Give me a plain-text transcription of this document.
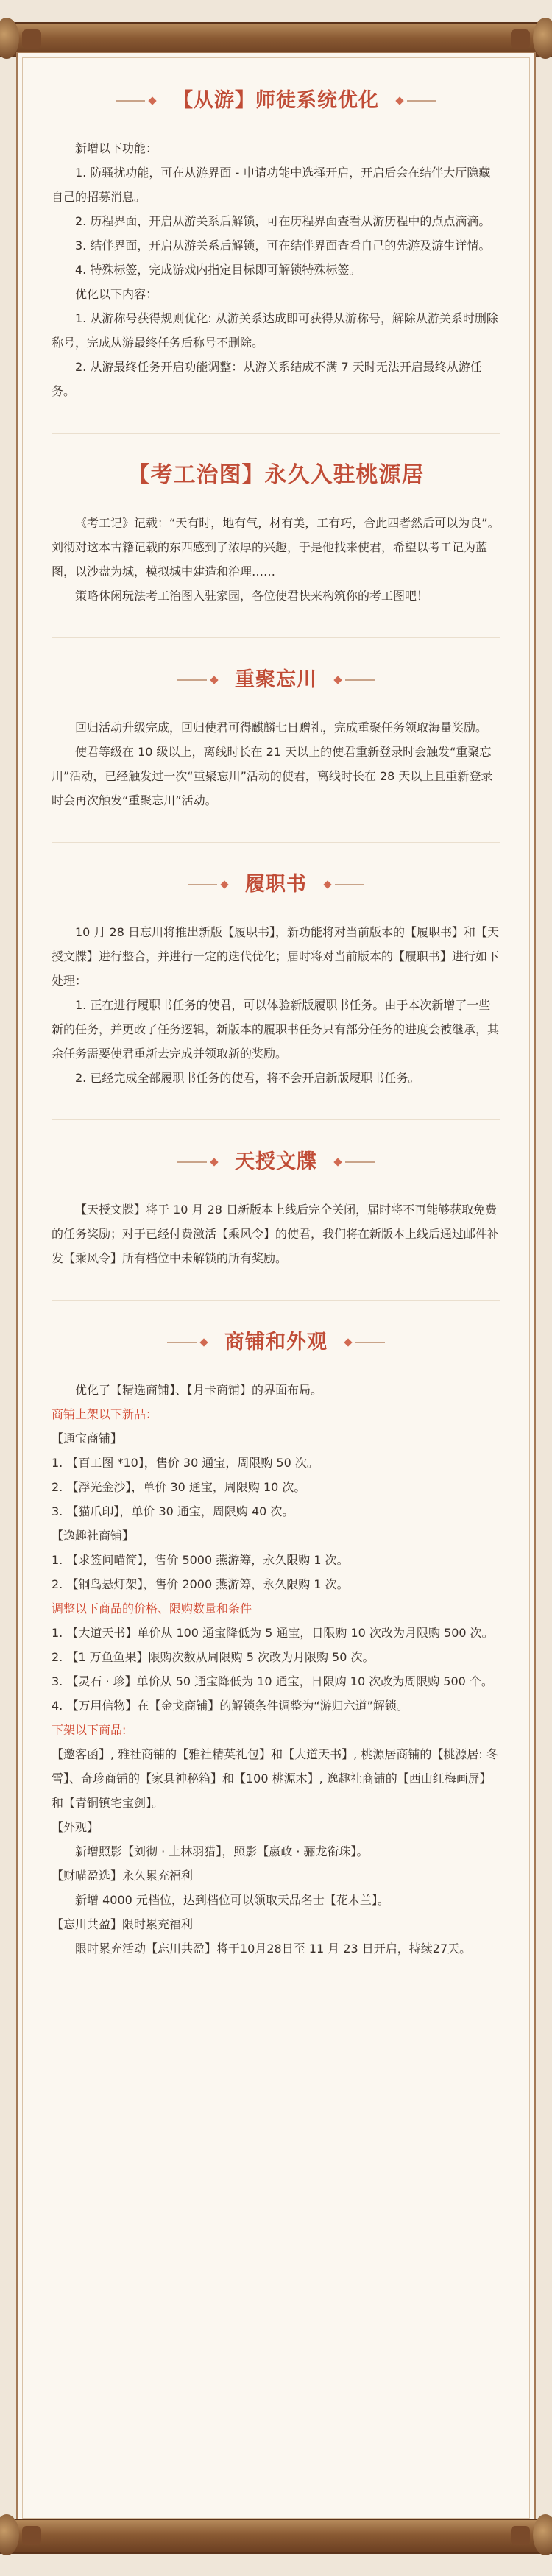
【从游】师徒系统优化

新增以下功能：

1. 防骚扰功能，可在从游界面 - 申请功能中选择开启，开启后会在结伴大厅隐藏自己的招募消息。

2. 历程界面，开启从游关系后解锁，可在历程界面查看从游历程中的点点滴滴。

3. 结伴界面，开启从游关系后解锁，可在结伴界面查看自己的先游及游生详情。

4. 特殊标签，完成游戏内指定目标即可解锁特殊标签。

优化以下内容：

1. 从游称号获得规则优化: 从游关系达成即可获得从游称号，解除从游关系时删除称号，完成从游最终任务后称号不删除。

2. 从游最终任务开启功能调整：从游关系结成不满 7 天时无法开启最终从游任务。

【考工治图】永久入驻桃源居

《考工记》记载：“天有时，地有气，材有美，工有巧，合此四者然后可以为良”。刘彻对这本古籍记载的东西感到了浓厚的兴趣，于是他找来使君，希望以考工记为蓝图，以沙盘为城，模拟城中建造和治理……

策略休闲玩法考工治图入驻家园，各位使君快来构筑你的考工图吧！

重聚忘川

回归活动升级完成，回归使君可得麒麟七日赠礼，完成重聚任务领取海量奖励。

使君等级在 10 级以上，离线时长在 21 天以上的使君重新登录时会触发“重聚忘川”活动，已经触发过一次“重聚忘川”活动的使君，离线时长在 28 天以上且重新登录时会再次触发“重聚忘川”活动。

履职书

10 月 28 日忘川将推出新版【履职书】，新功能将对当前版本的【履职书】和【天授文牒】进行整合，并进行一定的迭代优化；届时将对当前版本的【履职书】进行如下处理：

1. 正在进行履职书任务的使君，可以体验新版履职书任务。由于本次新增了一些新的任务，并更改了任务逻辑，新版本的履职书任务只有部分任务的进度会被继承，其余任务需要使君重新去完成并领取新的奖励。

2. 已经完成全部履职书任务的使君，将不会开启新版履职书任务。

天授文牒

【天授文牒】将于 10 月 28 日新版本上线后完全关闭，届时将不再能够获取免费的任务奖励；对于已经付费激活【乘风令】的使君，我们将在新版本上线后通过邮件补发【乘风令】所有档位中未解锁的所有奖励。

商铺和外观

优化了【精选商铺】、【月卡商铺】的界面布局。

商铺上架以下新品：

【通宝商铺】

1. 【百工图 *10】，售价 30 通宝，周限购 50 次。

2. 【浮光金沙】，单价 30 通宝，周限购 10 次。

3. 【猫爪印】，单价 30 通宝，周限购 40 次。

【逸趣社商铺】

1. 【求签问喵简】，售价 5000 燕游筹，永久限购 1 次。

2. 【铜鸟悬灯架】，售价 2000 燕游筹，永久限购 1 次。

调整以下商品的价格、限购数量和条件

1. 【大道天书】单价从 100 通宝降低为 5 通宝，日限购 10 次改为月限购 500 次。

2. 【1 万鱼鱼果】限购次数从周限购 5 次改为月限购 50 次。

3. 【灵石 · 珍】单价从 50 通宝降低为 10 通宝，日限购 10 次改为周限购 500 个。

4. 【万用信物】在【金戈商铺】的解锁条件调整为“游归六道”解锁。

下架以下商品:

【邀客函】, 雅社商铺的【雅社精英礼包】和【大道天书】, 桃源居商铺的【桃源居: 冬雪】、奇珍商铺的【家具神秘箱】和【100 桃源木】, 逸趣社商铺的【西山红梅画屏】和【青铜镇宅宝剑】。

【外观】

新增照影【刘彻 · 上林羽猎】，照影【嬴政 · 骊龙衔珠】。

【财喵盈选】永久累充福利

新增 4000 元档位，达到档位可以领取天品名士【花木兰】。

【忘川共盈】限时累充福利

限时累充活动【忘川共盈】将于10月28日至 11 月 23 日开启，持续27天。
